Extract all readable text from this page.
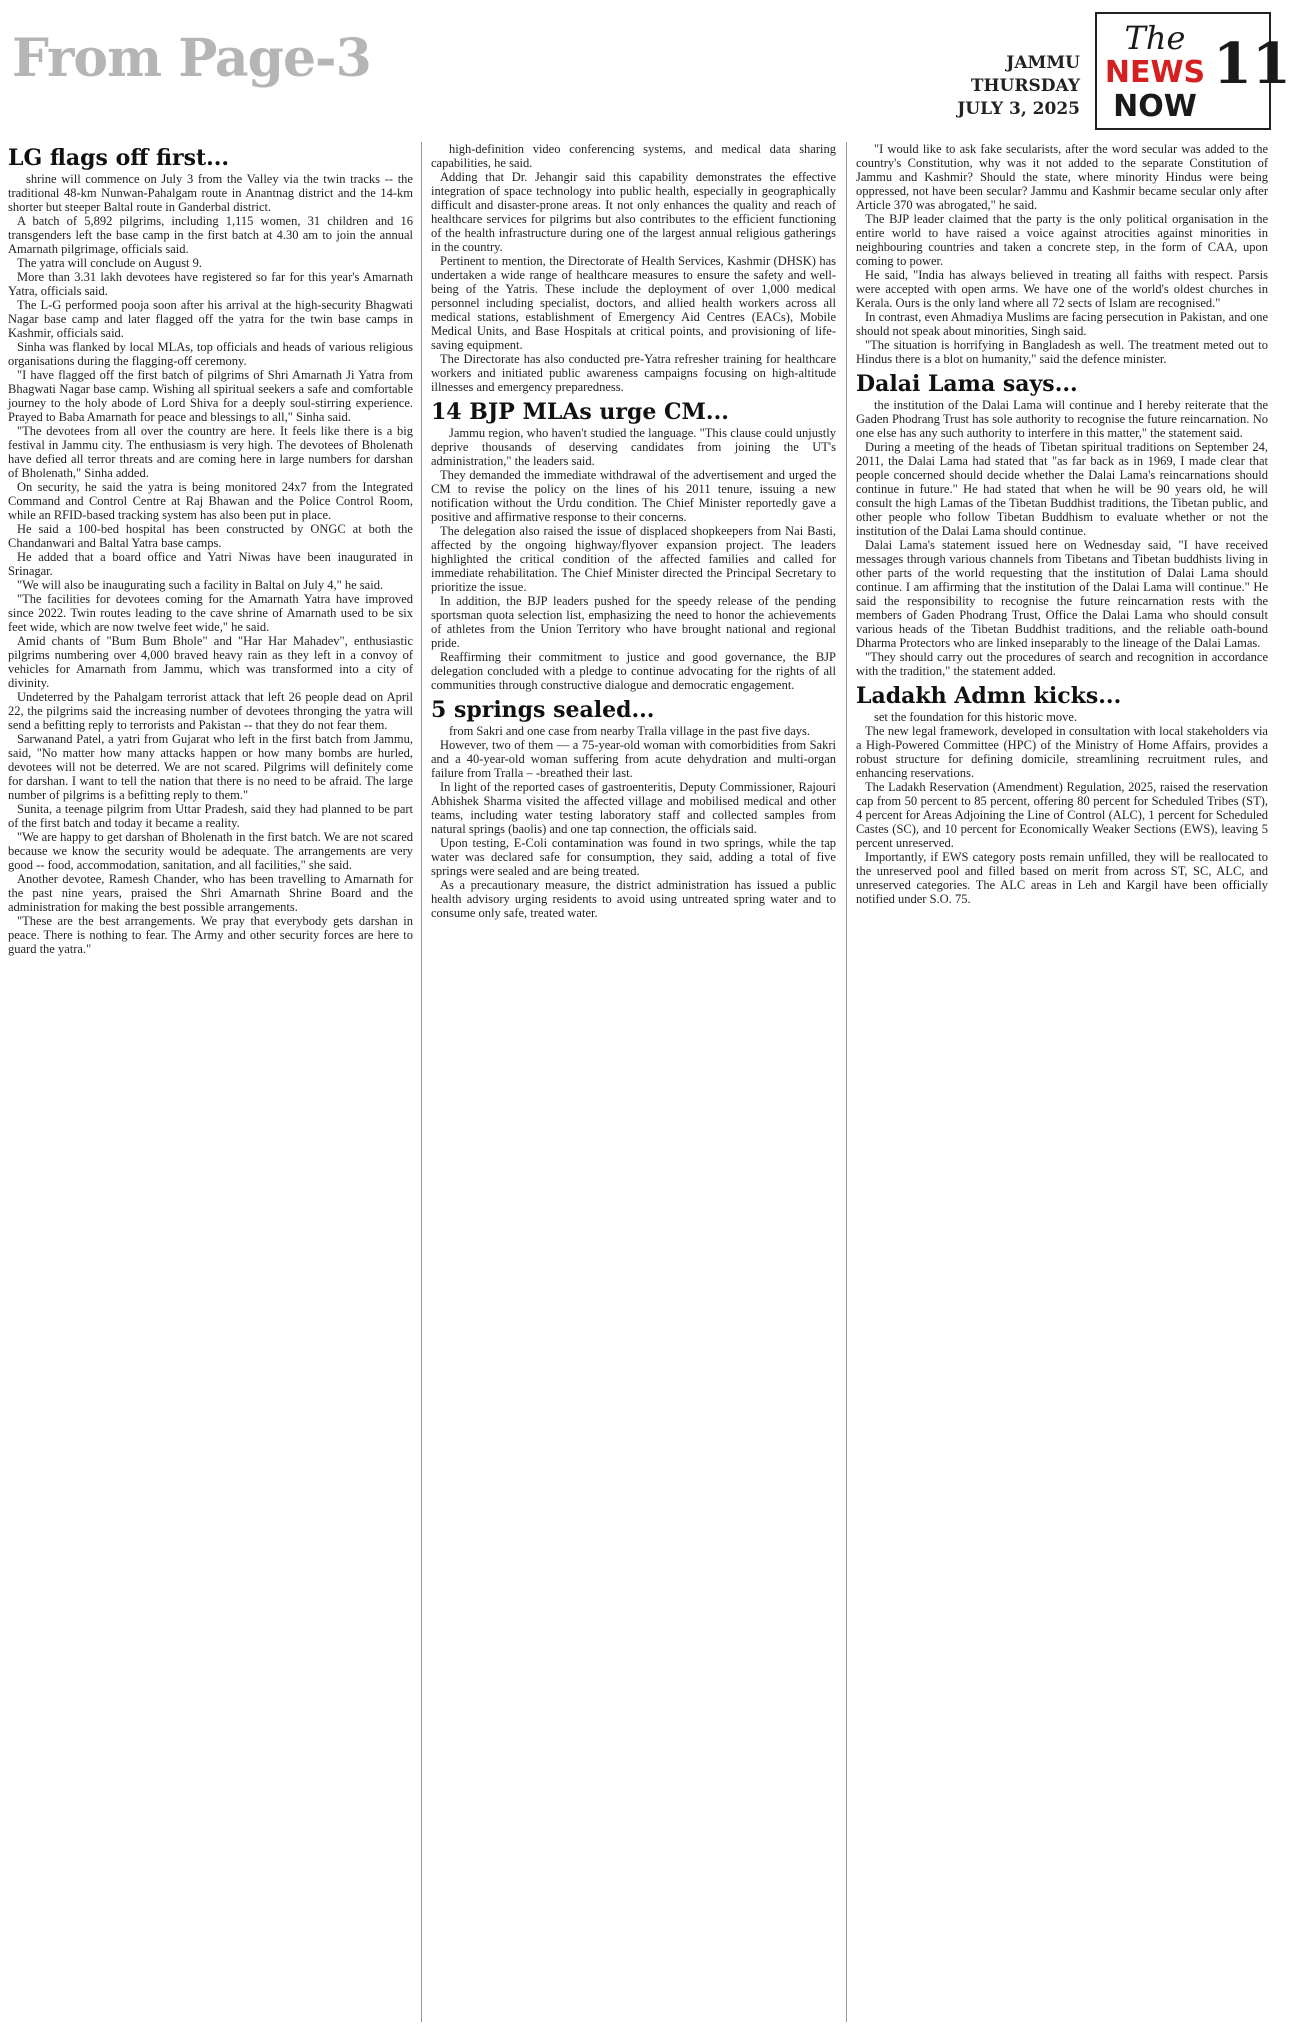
From Page-3	JAMMU
THURSDAY
JULY 3, 2025
The
NEWS
NOW
11
LG flags off first...

shrine will commence on July 3 from the Valley via the twin tracks -- the traditional 48-km Nunwan-Pahalgam route in Anantnag district and the 14-km shorter but steeper Baltal route in Ganderbal district.

A batch of 5,892 pilgrims, including 1,115 women, 31 children and 16 transgenders left the base camp in the first batch at 4.30 am to join the annual Amarnath pilgrimage, officials said.

The yatra will conclude on August 9.

More than 3.31 lakh devotees have registered so far for this year's Amarnath Yatra, officials said.

The L-G performed pooja soon after his arrival at the high-security Bhagwati Nagar base camp and later flagged off the yatra for the twin base camps in Kashmir, officials said.

Sinha was flanked by local MLAs, top officials and heads of various religious organisations during the flagging-off ceremony.

"I have flagged off the first batch of pilgrims of Shri Amarnath Ji Yatra from Bhagwati Nagar base camp. Wishing all spiritual seekers a safe and comfortable journey to the holy abode of Lord Shiva for a deeply soul-stirring experience. Prayed to Baba Amarnath for peace and blessings to all," Sinha said.

"The devotees from all over the country are here. It feels like there is a big festival in Jammu city. The enthusiasm is very high. The devotees of Bholenath have defied all terror threats and are coming here in large numbers for darshan of Bholenath," Sinha added.

On security, he said the yatra is being monitored 24x7 from the Integrated Command and Control Centre at Raj Bhawan and the Police Control Room, while an RFID-based tracking system has also been put in place.

He said a 100-bed hospital has been constructed by ONGC at both the Chandanwari and Baltal Yatra base camps.

He added that a board office and Yatri Niwas have been inaugurated in Srinagar.

"We will also be inaugurating such a facility in Baltal on July 4," he said.

"The facilities for devotees coming for the Amarnath Yatra have improved since 2022. Twin routes leading to the cave shrine of Amarnath used to be six feet wide, which are now twelve feet wide," he said.

Amid chants of "Bum Bum Bhole" and "Har Har Mahadev", enthusiastic pilgrims numbering over 4,000 braved heavy rain as they left in a convoy of vehicles for Amarnath from Jammu, which was transformed into a city of divinity.

Undeterred by the Pahalgam terrorist attack that left 26 people dead on April 22, the pilgrims said the increasing number of devotees thronging the yatra will send a befitting reply to terrorists and Pakistan -- that they do not fear them.

Sarwanand Patel, a yatri from Gujarat who left in the first batch from Jammu, said, "No matter how many attacks happen or how many bombs are hurled, devotees will not be deterred. We are not scared. Pilgrims will definitely come for darshan. I want to tell the nation that there is no need to be afraid. The large number of pilgrims is a befitting reply to them."

Sunita, a teenage pilgrim from Uttar Pradesh, said they had planned to be part of the first batch and today it became a reality.

"We are happy to get darshan of Bholenath in the first batch. We are not scared because we know the security would be adequate. The arrangements are very good -- food, accommodation, sanitation, and all facilities," she said.

Another devotee, Ramesh Chander, who has been travelling to Amarnath for the past nine years, praised the Shri Amarnath Shrine Board and the administration for making the best possible arrangements.

"These are the best arrangements. We pray that everybody gets darshan in peace. There is nothing to fear. The Army and other security forces are here to guard the yatra."

high-definition video conferencing systems, and medical data sharing capabilities, he said.

Adding that Dr. Jehangir said this capability demonstrates the effective integration of space technology into public health, especially in geographically difficult and disaster-prone areas. It not only enhances the quality and reach of healthcare services for pilgrims but also contributes to the efficient functioning of the health infrastructure during one of the largest annual religious gatherings in the country.

Pertinent to mention, the Directorate of Health Services, Kashmir (DHSK) has undertaken a wide range of healthcare measures to ensure the safety and well-being of the Yatris. These include the deployment of over 1,000 medical personnel including specialist, doctors, and allied health workers across all medical stations, establishment of Emergency Aid Centres (EACs), Mobile Medical Units, and Base Hospitals at critical points, and provisioning of life-saving equipment.

The Directorate has also conducted pre-Yatra refresher training for healthcare workers and initiated public awareness campaigns focusing on high-altitude illnesses and emergency preparedness.

14 BJP MLAs urge CM...

Jammu region, who haven't studied the language. "This clause could unjustly deprive thousands of deserving candidates from joining the UT's administration," the leaders said.

They demanded the immediate withdrawal of the advertisement and urged the CM to revise the policy on the lines of his 2011 tenure, issuing a new notification without the Urdu condition. The Chief Minister reportedly gave a positive and affirmative response to their concerns.

The delegation also raised the issue of displaced shopkeepers from Nai Basti, affected by the ongoing highway/flyover expansion project. The leaders highlighted the critical condition of the affected families and called for immediate rehabilitation. The Chief Minister directed the Principal Secretary to prioritize the issue.

In addition, the BJP leaders pushed for the speedy release of the pending sportsman quota selection list, emphasizing the need to honor the achievements of athletes from the Union Territory who have brought national and regional pride.

Reaffirming their commitment to justice and good governance, the BJP delegation concluded with a pledge to continue advocating for the rights of all communities through constructive dialogue and democratic engagement.

5 springs sealed...

from Sakri and one case from nearby Tralla village in the past five days.

However, two of them — a 75-year-old woman with comorbidities from Sakri and a 40-year-old woman suffering from acute dehydration and multi-organ failure from Tralla – -breathed their last.

In light of the reported cases of gastroenteritis, Deputy Commissioner, Rajouri Abhishek Sharma visited the affected village and mobilised medical and other teams, including water testing laboratory staff and collected samples from natural springs (baolis) and one tap connection, the officials said.

Upon testing, E-Coli contamination was found in two springs, while the tap water was declared safe for consumption, they said, adding a total of five springs were sealed and are being treated.

As a precautionary measure, the district administration has issued a public health advisory urging residents to avoid using untreated spring water and to consume only safe, treated water.

"I would like to ask fake secularists, after the word secular was added to the country's Constitution, why was it not added to the separate Constitution of Jammu and Kashmir? Should the state, where minority Hindus were being oppressed, not have been secular? Jammu and Kashmir became secular only after Article 370 was abrogated," he said.

The BJP leader claimed that the party is the only political organisation in the entire world to have raised a voice against atrocities against minorities in neighbouring countries and taken a concrete step, in the form of CAA, upon coming to power.

He said, "India has always believed in treating all faiths with respect. Parsis were accepted with open arms. We have one of the world's oldest churches in Kerala. Ours is the only land where all 72 sects of Islam are recognised."

In contrast, even Ahmadiya Muslims are facing persecution in Pakistan, and one should not speak about minorities, Singh said.

"The situation is horrifying in Bangladesh as well. The treatment meted out to Hindus there is a blot on humanity," said the defence minister.

Dalai Lama says...

the institution of the Dalai Lama will continue and I hereby reiterate that the Gaden Phodrang Trust has sole authority to recognise the future reincarnation. No one else has any such authority to interfere in this matter," the statement said.

During a meeting of the heads of Tibetan spiritual traditions on September 24, 2011, the Dalai Lama had stated that "as far back as in 1969, I made clear that people concerned should decide whether the Dalai Lama's reincarnations should continue in future." He had stated that when he will be 90 years old, he will consult the high Lamas of the Tibetan Buddhist traditions, the Tibetan public, and other people who follow Tibetan Buddhism to evaluate whether or not the institution of the Dalai Lama should continue.

Dalai Lama's statement issued here on Wednesday said, "I have received messages through various channels from Tibetans and Tibetan buddhists living in other parts of the world requesting that the institution of Dalai Lama should continue. I am affirming that the institution of the Dalai Lama will continue." He said the responsibility to recognise the future reincarnation rests with the members of Gaden Phodrang Trust, Office the Dalai Lama who should consult various heads of the Tibetan Buddhist traditions, and the reliable oath-bound Dharma Protectors who are linked inseparably to the lineage of the Dalai Lamas.

"They should carry out the procedures of search and recognition in accordance with the tradition," the statement added.

Ladakh Admn kicks...

set the foundation for this historic move.

The new legal framework, developed in consultation with local stakeholders via a High-Powered Committee (HPC) of the Ministry of Home Affairs, provides a robust structure for defining domicile, streamlining recruitment rules, and enhancing reservations.

The Ladakh Reservation (Amendment) Regulation, 2025, raised the reservation cap from 50 percent to 85 percent, offering 80 percent for Scheduled Tribes (ST), 4 percent for Areas Adjoining the Line of Control (ALC), 1 percent for Scheduled Castes (SC), and 10 percent for Economically Weaker Sections (EWS), leaving 5 percent unreserved.

Importantly, if EWS category posts remain unfilled, they will be reallocated to the unreserved pool and filled based on merit from across ST, SC, ALC, and unreserved categories. The ALC areas in Leh and Kargil have been officially notified under S.O. 75.
